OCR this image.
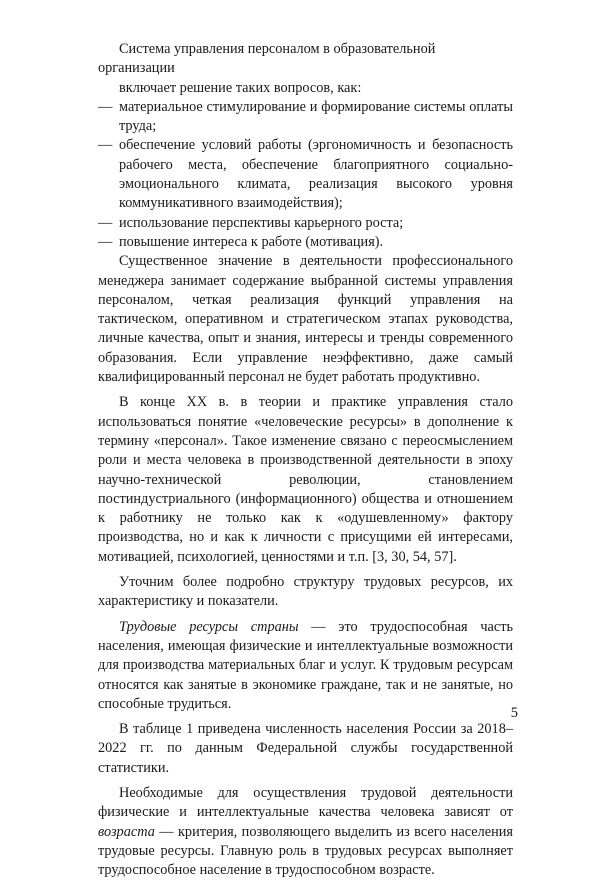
Система управления персоналом в образовательной организации

включает решение таких вопросов, как:

— материальное стимулирование и формирование системы оплаты труда;

— обеспечение условий работы (эргономичность и безопасность рабочего места, обеспечение благоприятного социально-эмоционального климата, реализация высокого уровня коммуникативного взаимодействия);

— использование перспективы карьерного роста;

— повышение интереса к работе (мотивация).

Существенное значение в деятельности профессионального менеджера занимает содержание выбранной системы управления персоналом, четкая реализация функций управления на тактическом, оперативном и стратегическом этапах руководства, личные качества, опыт и знания, интересы и тренды современного образования. Если управление неэффективно, даже самый квалифицированный персонал не будет работать продуктивно.

В конце XX в. в теории и практике управления стало использоваться понятие «человеческие ресурсы» в дополнение к термину «персонал». Такое изменение связано с переосмыслением роли и места человека в производственной деятельности в эпоху научно-технической революции, становлением постиндустриального (информационного) общества и отношением к работнику не только как к «одушевленному» фактору производства, но и как к личности с присущими ей интересами, мотивацией, психологией, ценностями и т.п. [3, 30, 54, 57].

Уточним более подробно структуру трудовых ресурсов, их характеристику и показатели.

Трудовые ресурсы страны — это трудоспособная часть населения, имеющая физические и интеллектуальные возможности для производства материальных благ и услуг. К трудовым ресурсам относятся как занятые в экономике граждане, так и не занятые, но способные трудиться.

В таблице 1 приведена численность населения России за 2018–2022 гг. по данным Федеральной службы государственной статистики.

Необходимые для осуществления трудовой деятельности физические и интеллектуальные качества человека зависят от возраста — критерия, позволяющего выделить из всего населения трудовые ресурсы. Главную роль в трудовых ресурсах выполняет трудоспособное население в трудоспособном возрасте.

5
